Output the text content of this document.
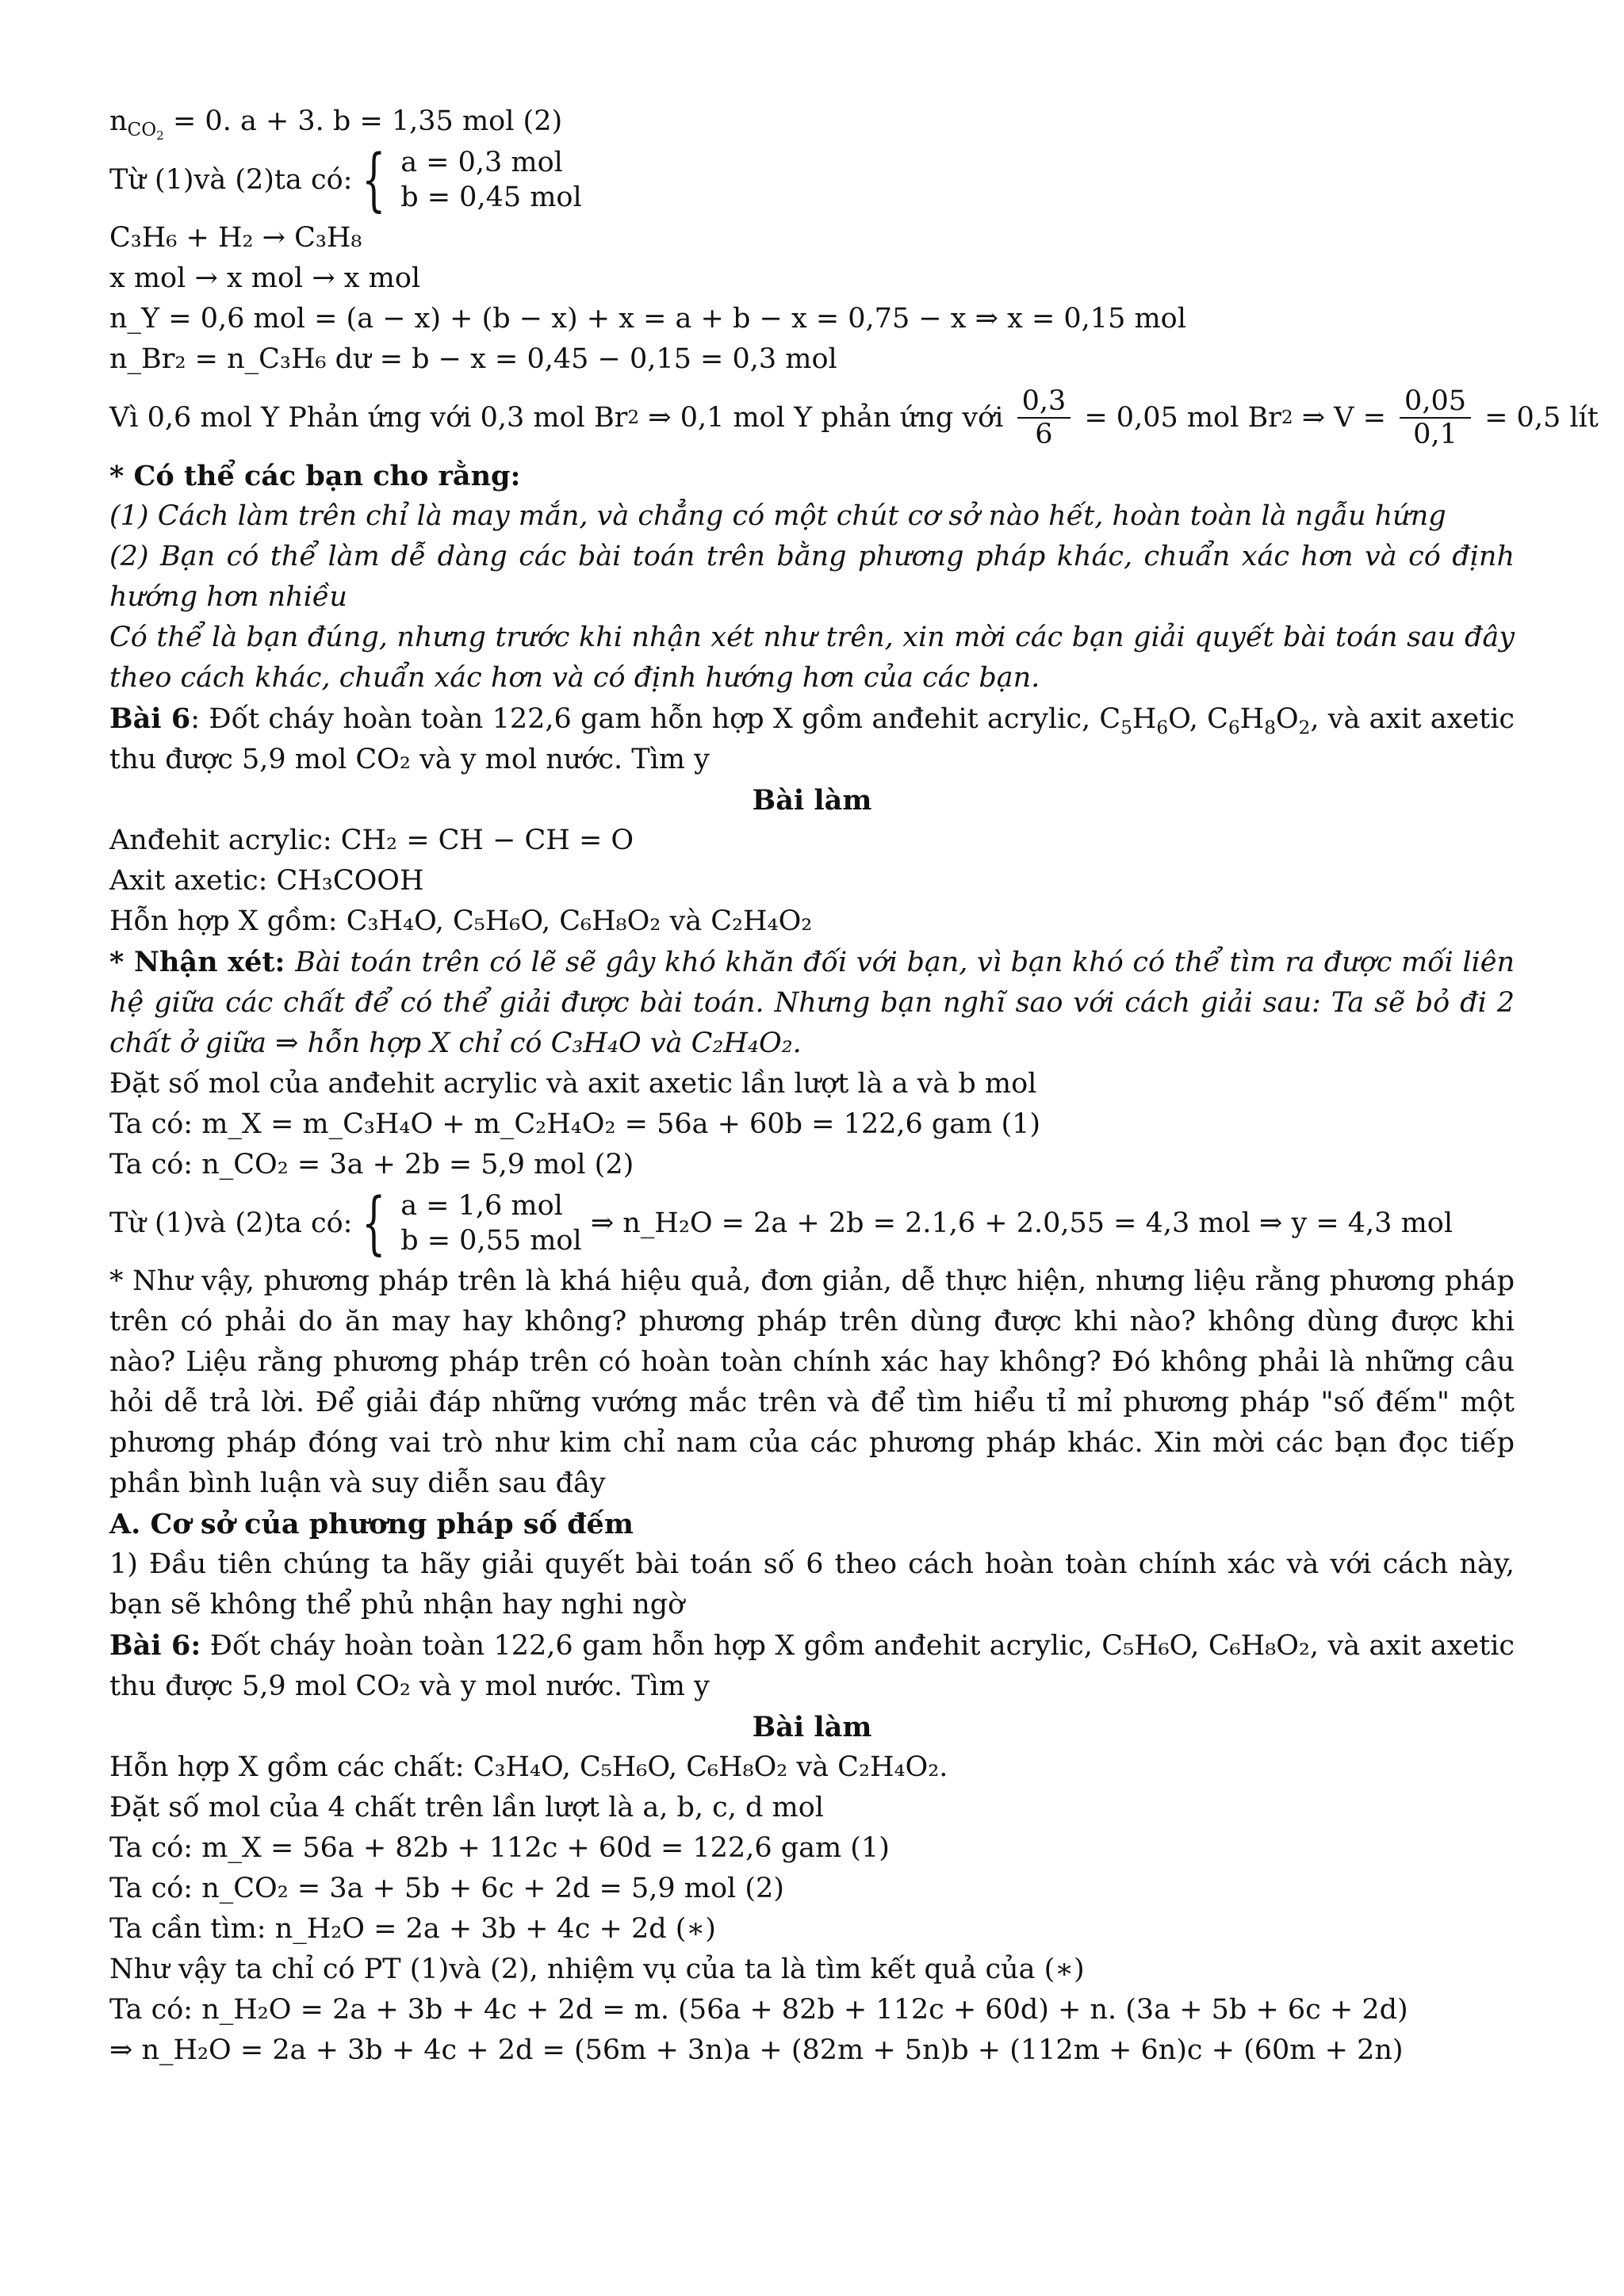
$n_{CO_2} = 0$. a + 3. b = 1,35 mol (2)
Từ (1)và (2)ta có: { a = 0,3 mol
b = 0,45 mol
C₃H₆ + H₂ → C₃H₈
x mol → x mol → x mol
n_Y = 0,6 mol = (a − x) + (b − x) + x = a + b − x = 0,75 − x ⇒ x = 0,15 mol
n_Br₂ = n_C₃H₆ dư = b − x = 0,45 − 0,15 = 0,3 mol
Vì 0,6 mol Y Phản ứng với 0,3 mol Br 2 ⇒ 0,1 mol Y phản ứng với $\frac{0,3}{6} = 0,05$ mol Br 2 ⇒ $V = \frac{0,05}{0,1} = 0,5$ lít
* Có thể các bạn cho rằng:
(1) Cách làm trên chỉ là may mắn, và chẳng có một chút cơ sở nào hết, hoàn toàn là ngẫu hứng
(2) Bạn có thể làm dễ dàng các bài toán trên bằng phương pháp khác, chuẩn xác hơn và có định hướng hơn nhiều
Có thể là bạn đúng, nhưng trước khi nhận xét như trên, xin mời các bạn giải quyết bài toán sau đây theo cách khác, chuẩn xác hơn và có định hướng hơn của các bạn.
Bài 6: Đốt cháy hoàn toàn 122,6 gam hỗn hợp X gồm anđehit acrylic, $C_5H_6O$, $C_6H_8O_2$, và axit axetic thu được 5,9 mol CO₂ và y mol nước. Tìm y
Bài làm
Anđehit acrylic: CH₂ = CH − CH = O
Axit axetic: CH₃COOH
Hỗn hợp X gồm: C₃H₄O, C₅H₆O, C₆H₈O₂ và C₂H₄O₂
* Nhận xét: Bài toán trên có lẽ sẽ gây khó khăn đối với bạn, vì bạn khó có thể tìm ra được mối liên hệ giữa các chất để có thể giải được bài toán. Nhưng bạn nghĩ sao với cách giải sau: Ta sẽ bỏ đi 2 chất ở giữa ⇒ hỗn hợp X chỉ có C₃H₄O và C₂H₄O₂.
Đặt số mol của anđehit acrylic và axit axetic lần lượt là a và b mol
Ta có: m_X = m_C₃H₄O + m_C₂H₄O₂ = 56a + 60b = 122,6 gam (1)
Ta có: n_CO₂ = 3a + 2b = 5,9 mol (2)
Từ (1)và (2)ta có: { a = 1,6 mol
b = 0,55 mol
⇒ n_H₂O = 2a + 2b = 2.1,6 + 2.0,55 = 4,3 mol ⇒ y = 4,3 mol
* Như vậy, phương pháp trên là khá hiệu quả, đơn giản, dễ thực hiện, nhưng liệu rằng phương pháp trên có phải do ăn may hay không? phương pháp trên dùng được khi nào? không dùng được khi nào? Liệu rằng phương pháp trên có hoàn toàn chính xác hay không? Đó không phải là những câu hỏi dễ trả lời. Để giải đáp những vướng mắc trên và để tìm hiểu tỉ mỉ phương pháp "số đếm" một phương pháp đóng vai trò như kim chỉ nam của các phương pháp khác. Xin mời các bạn đọc tiếp phần bình luận và suy diễn sau đây
A. Cơ sở của phương pháp số đếm
1) Đầu tiên chúng ta hãy giải quyết bài toán số 6 theo cách hoàn toàn chính xác và với cách này, bạn sẽ không thể phủ nhận hay nghi ngờ
Bài 6: Đốt cháy hoàn toàn 122,6 gam hỗn hợp X gồm anđehit acrylic, C₅H₆O, C₆H₈O₂, và axit axetic thu được 5,9 mol CO₂ và y mol nước. Tìm y
Bài làm
Hỗn hợp X gồm các chất: C₃H₄O, C₅H₆O, C₆H₈O₂ và C₂H₄O₂.
Đặt số mol của 4 chất trên lần lượt là a, b, c, d mol
Ta có: m_X = 56a + 82b + 112c + 60d = 122,6 gam (1)
Ta có: n_CO₂ = 3a + 5b + 6c + 2d = 5,9 mol (2)
Ta cần tìm: n_H₂O = 2a + 3b + 4c + 2d (∗)
Như vậy ta chỉ có PT (1)và (2), nhiệm vụ của ta là tìm kết quả của (∗)
Ta có: n_H₂O = 2a + 3b + 4c + 2d = m. (56a + 82b + 112c + 60d) + n. (3a + 5b + 6c + 2d)
⇒ n_H₂O = 2a + 3b + 4c + 2d = (56m + 3n)a + (82m + 5n)b + (112m + 6n)c + (60m + 2n)
